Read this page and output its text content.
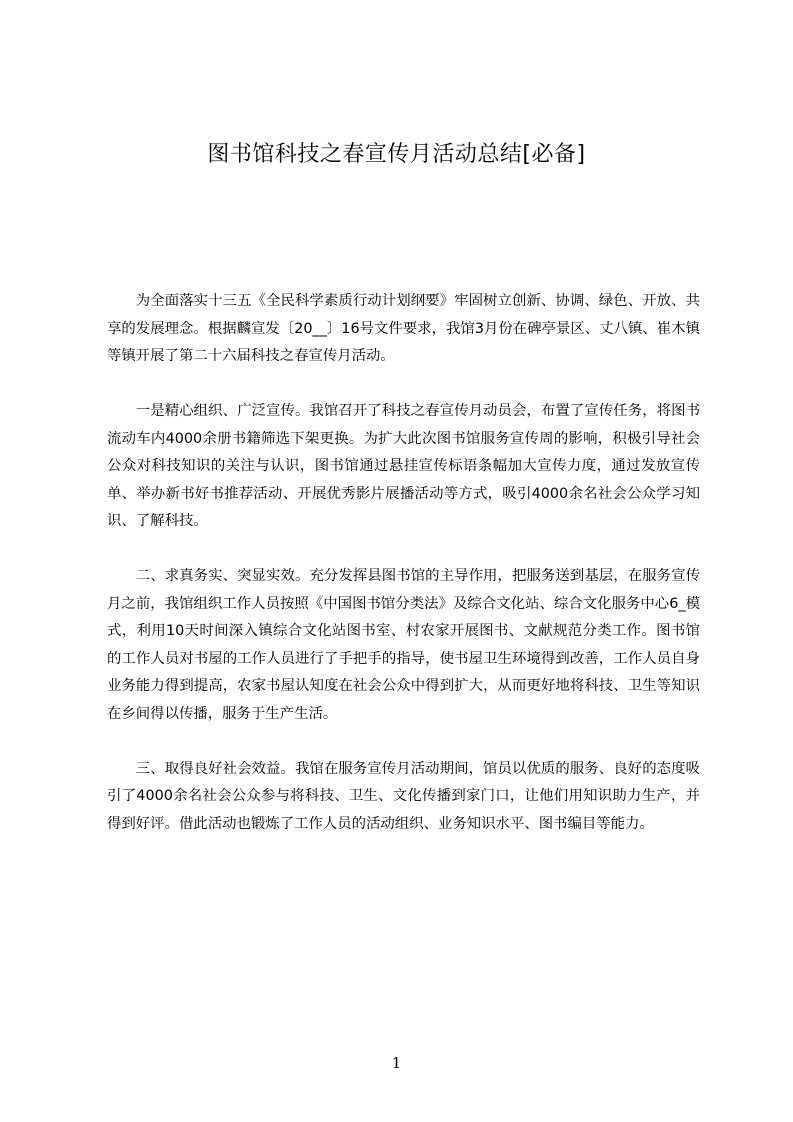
图书馆科技之春宣传月活动总结[必备]

为全面落实十三五《全民科学素质行动计划纲要》牢固树立创新、协调、绿色、开放、共享的发展理念。根据麟宣发〔20__〕16号文件要求，我馆3月份在碑亭景区、丈八镇、崔木镇等镇开展了第二十六届科技之春宣传月活动。

一是精心组织、广泛宣传。我馆召开了科技之春宣传月动员会，布置了宣传任务，将图书流动车内4000余册书籍筛选下架更换。为扩大此次图书馆服务宣传周的影响，积极引导社会公众对科技知识的关注与认识，图书馆通过悬挂宣传标语条幅加大宣传力度，通过发放宣传单、举办新书好书推荐活动、开展优秀影片展播活动等方式，吸引4000余名社会公众学习知识、了解科技。

二、求真务实、突显实效。充分发挥县图书馆的主导作用，把服务送到基层，在服务宣传月之前，我馆组织工作人员按照《中国图书馆分类法》及综合文化站、综合文化服务中心6_模式，利用10天时间深入镇综合文化站图书室、村农家开展图书、文献规范分类工作。图书馆的工作人员对书屋的工作人员进行了手把手的指导，使书屋卫生环境得到改善，工作人员自身业务能力得到提高，农家书屋认知度在社会公众中得到扩大，从而更好地将科技、卫生等知识在乡间得以传播，服务于生产生活。

三、取得良好社会效益。我馆在服务宣传月活动期间，馆员以优质的服务、良好的态度吸引了4000余名社会公众参与将科技、卫生、文化传播到家门口，让他们用知识助力生产，并得到好评。借此活动也锻炼了工作人员的活动组织、业务知识水平、图书编目等能力。

1
